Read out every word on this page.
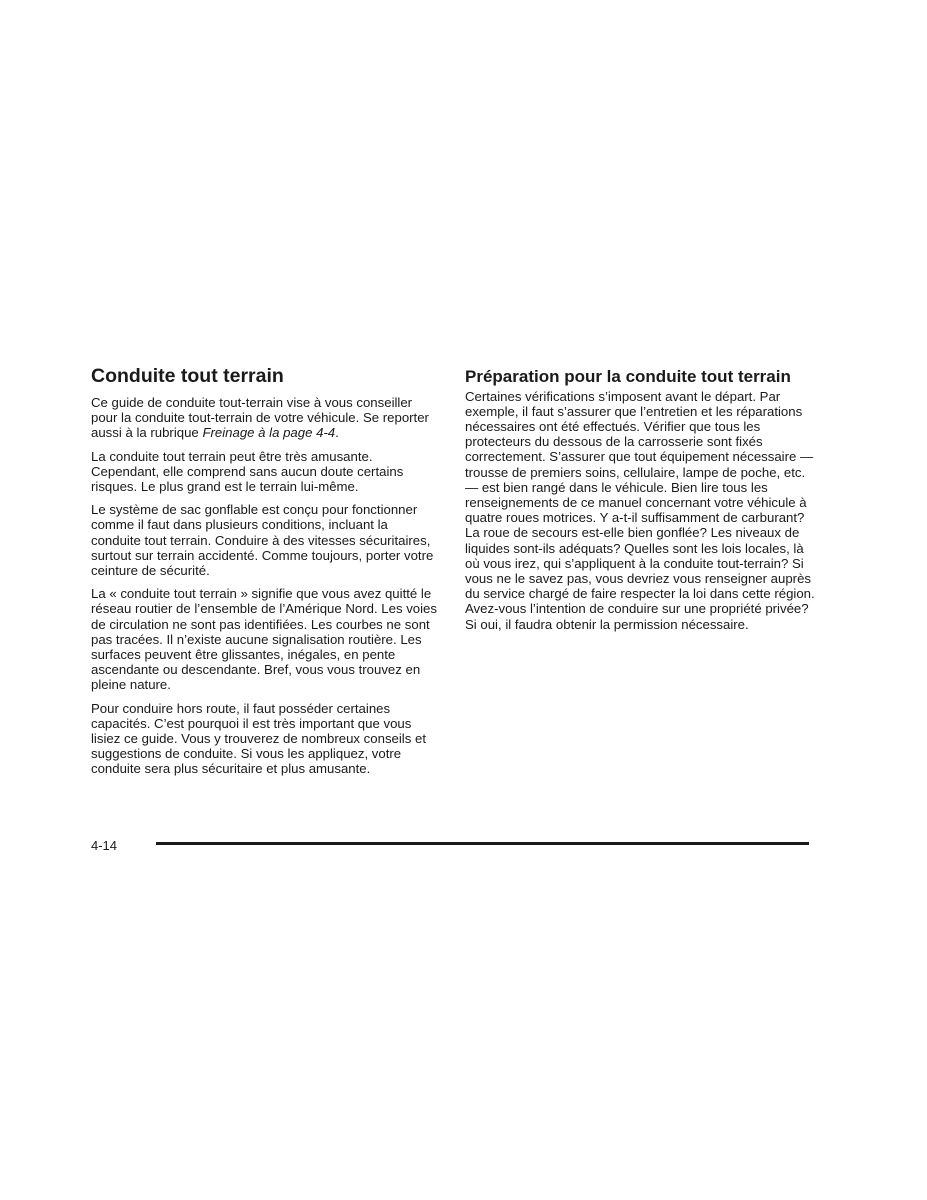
Conduite tout terrain

Ce guide de conduite tout-terrain vise à vous conseiller pour la conduite tout-terrain de votre véhicule. Se reporter aussi à la rubrique Freinage à la page 4-4.

La conduite tout terrain peut être très amusante. Cependant, elle comprend sans aucun doute certains risques. Le plus grand est le terrain lui-même.

Le système de sac gonflable est conçu pour fonctionner comme il faut dans plusieurs conditions, incluant la conduite tout terrain. Conduire à des vitesses sécuritaires, surtout sur terrain accidenté. Comme toujours, porter votre ceinture de sécurité.

La « conduite tout terrain » signifie que vous avez quitté le réseau routier de l’ensemble de l’Amérique Nord. Les voies de circulation ne sont pas identifiées. Les courbes ne sont pas tracées. Il n’existe aucune signalisation routière. Les surfaces peuvent être glissantes, inégales, en pente ascendante ou descendante. Bref, vous vous trouvez en pleine nature.

Pour conduire hors route, il faut posséder certaines capacités. C’est pourquoi il est très important que vous lisiez ce guide. Vous y trouverez de nombreux conseils et suggestions de conduite. Si vous les appliquez, votre conduite sera plus sécuritaire et plus amusante.

Préparation pour la conduite tout terrain

Certaines vérifications s’imposent avant le départ. Par exemple, il faut s’assurer que l’entretien et les réparations nécessaires ont été effectués. Vérifier que tous les protecteurs du dessous de la carrosserie sont fixés correctement. S’assurer que tout équipement nécessaire — trousse de premiers soins, cellulaire, lampe de poche, etc.— est bien rangé dans le véhicule. Bien lire tous les renseignements de ce manuel concernant votre véhicule à quatre roues motrices. Y a-t-il suffisamment de carburant? La roue de secours est-elle bien gonflée? Les niveaux de liquides sont-ils adéquats? Quelles sont les lois locales, là où vous irez, qui s’appliquent à la conduite tout-terrain? Si vous ne le savez pas, vous devriez vous renseigner auprès du service chargé de faire respecter la loi dans cette région. Avez-vous l’intention de conduire sur une propriété privée? Si oui, il faudra obtenir la permission nécessaire.

4-14
